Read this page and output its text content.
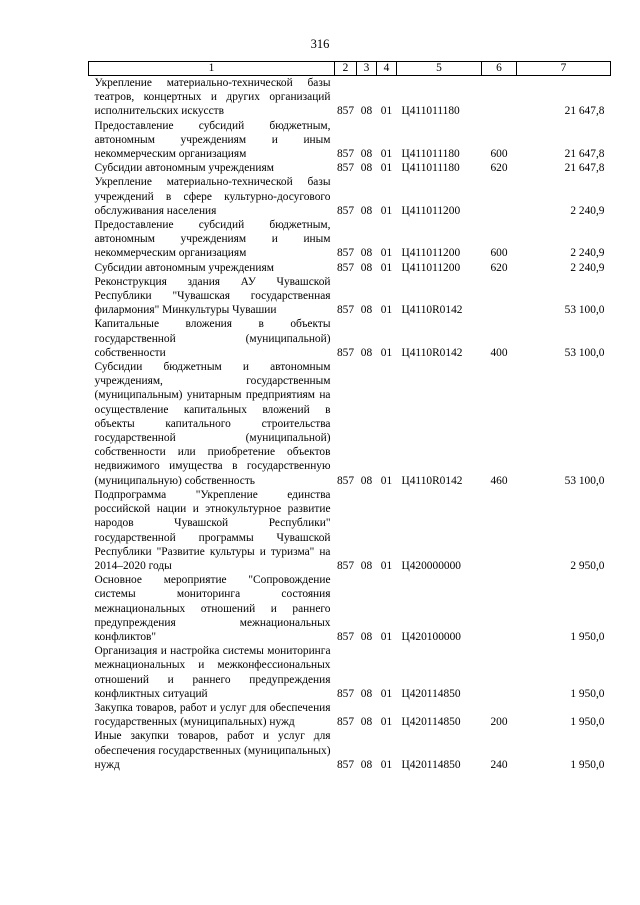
316
1	2	3	4	5	6	7
Укрепление материально-технической базы театров, концертных и других организаций исполнительских искусств	857	08	01	Ц411011180		21 647,8
Предоставление субсидий бюджетным, автономным учреждениям и иным некоммерческим организациям	857	08	01	Ц411011180	600	21 647,8
Субсидии автономным учреждениям	857	08	01	Ц411011180	620	21 647,8
Укрепление материально-технической базы учреждений в сфере культурно-досугового обслуживания населения	857	08	01	Ц411011200		2 240,9
Предоставление субсидий бюджетным, автономным учреждениям и иным некоммерческим организациям	857	08	01	Ц411011200	600	2 240,9
Субсидии автономным учреждениям	857	08	01	Ц411011200	620	2 240,9
Реконструкция здания АУ Чувашской Республики "Чувашская государственная филармония" Минкультуры Чувашии	857	08	01	Ц4110R0142		53 100,0
Капитальные вложения в объекты государственной (муниципальной) собственности	857	08	01	Ц4110R0142	400	53 100,0
Субсидии бюджетным и автономным учреждениям, государственным (муниципальным) унитарным предприятиям на осуществление капитальных вложений в объекты капитального строительства государственной (муниципальной) собственности или приобретение объектов недвижимого имущества в государственную (муниципальную) собственность	857	08	01	Ц4110R0142	460	53 100,0
Подпрограмма "Укрепление единства российской нации и этнокультурное развитие народов Чувашской Республики" государственной программы Чувашской Республики "Развитие культуры и туризма" на 2014–2020 годы	857	08	01	Ц420000000		2 950,0
Основное мероприятие "Сопровождение системы мониторинга состояния межнациональных отношений и раннего предупреждения межнациональных конфликтов"	857	08	01	Ц420100000		1 950,0
Организация и настройка системы мониторинга межнациональных и межконфессиональных отношений и раннего предупреждения конфликтных ситуаций	857	08	01	Ц420114850		1 950,0
Закупка товаров, работ и услуг для обеспечения государственных (муниципальных) нужд	857	08	01	Ц420114850	200	1 950,0
Иные закупки товаров, работ и услуг для обеспечения государственных (муниципальных) нужд	857	08	01	Ц420114850	240	1 950,0
